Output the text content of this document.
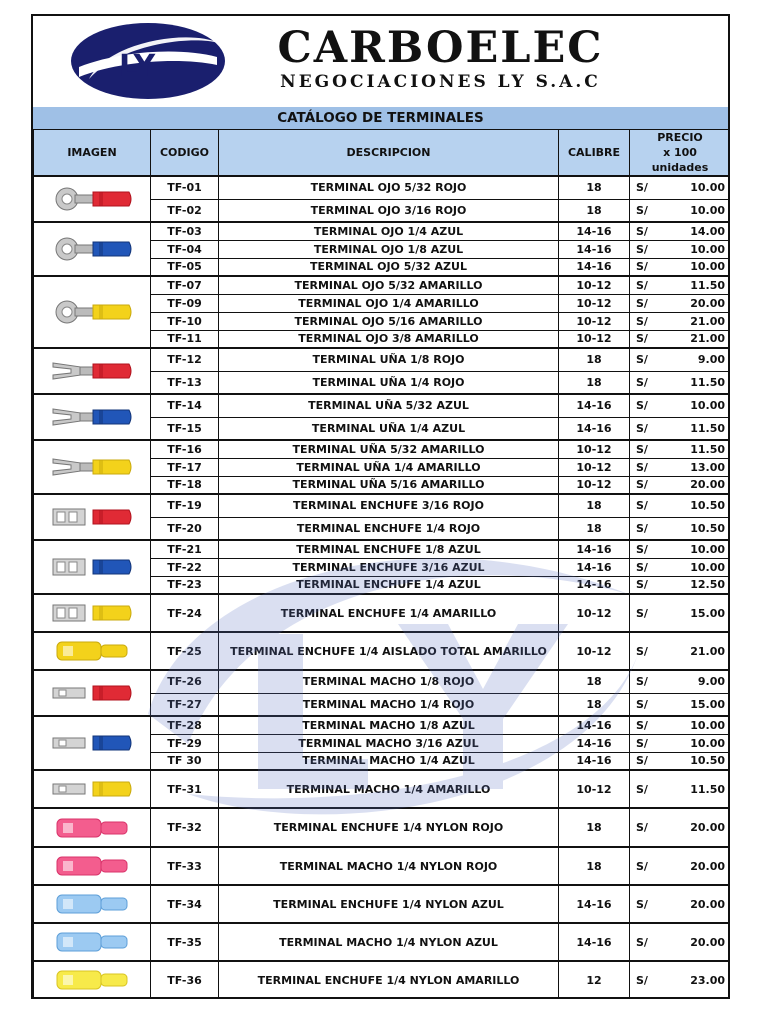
LY	CARBOELEC
NEGOCIACIONES LY S.A.C
CATÁLOGO DE TERMINALES
IMAGEN	CODIGO	DESCRIPCION	CALIBRE	PRECIO
x 100 unidades	

	TF-01	TERMINAL OJO 5/32 ROJO	18	S/	10.00
	TF-02	TERMINAL OJO 3/16 ROJO	18	S/	10.00

	TF-03	TERMINAL OJO 1/4 AZUL	14-16	S/	14.00
	TF-04	TERMINAL OJO 1/8 AZUL	14-16	S/	10.00
	TF-05	TERMINAL OJO 5/32 AZUL	14-16	S/	10.00

	TF-07	TERMINAL OJO 5/32 AMARILLO	10-12	S/	11.50
	TF-09	TERMINAL OJO 1/4 AMARILLO	10-12	S/	20.00
	TF-10	TERMINAL OJO 5/16 AMARILLO	10-12	S/	21.00
	TF-11	TERMINAL OJO 3/8 AMARILLO	10-12	S/	21.00

	TF-12	TERMINAL UÑA 1/8 ROJO	18	S/	9.00
	TF-13	TERMINAL UÑA 1/4 ROJO	18	S/	11.50

	TF-14	TERMINAL UÑA 5/32 AZUL	14-16	S/	10.00
	TF-15	TERMINAL UÑA 1/4 AZUL	14-16	S/	11.50

	TF-16	TERMINAL UÑA 5/32 AMARILLO	10-12	S/	11.50
	TF-17	TERMINAL UÑA 1/4 AMARILLO	10-12	S/	13.00
	TF-18	TERMINAL UÑA 5/16 AMARILLO	10-12	S/	20.00

	TF-19	TERMINAL ENCHUFE 3/16 ROJO	18	S/	10.50
	TF-20	TERMINAL ENCHUFE 1/4 ROJO	18	S/	10.50

	TF-21	TERMINAL ENCHUFE 1/8 AZUL	14-16	S/	10.00
	TF-22	TERMINAL ENCHUFE 3/16 AZUL	14-16	S/	10.00
	TF-23	TERMINAL ENCHUFE 1/4 AZUL	14-16	S/	12.50

	TF-24	TERMINAL ENCHUFE 1/4 AMARILLO	10-12	S/	15.00

	TF-25	TERMINAL ENCHUFE 1/4 AISLADO TOTAL AMARILLO	10-12	S/	21.00

	TF-26	TERMINAL MACHO 1/8 ROJO	18	S/	9.00
	TF-27	TERMINAL MACHO 1/4 ROJO	18	S/	15.00

	TF-28	TERMINAL MACHO 1/8 AZUL	14-16	S/	10.00
	TF-29	TERMINAL MACHO 3/16 AZUL	14-16	S/	10.00
	TF 30	TERMINAL MACHO 1/4 AZUL	14-16	S/	10.50

	TF-31	TERMINAL MACHO 1/4 AMARILLO	10-12	S/	11.50

	TF-32	TERMINAL ENCHUFE 1/4 NYLON ROJO	18	S/	20.00

	TF-33	TERMINAL MACHO 1/4 NYLON ROJO	18	S/	20.00

	TF-34	TERMINAL ENCHUFE 1/4 NYLON AZUL	14-16	S/	20.00

	TF-35	TERMINAL MACHO 1/4 NYLON AZUL	14-16	S/	20.00

	TF-36	TERMINAL ENCHUFE 1/4 NYLON AMARILLO	12	S/	23.00
